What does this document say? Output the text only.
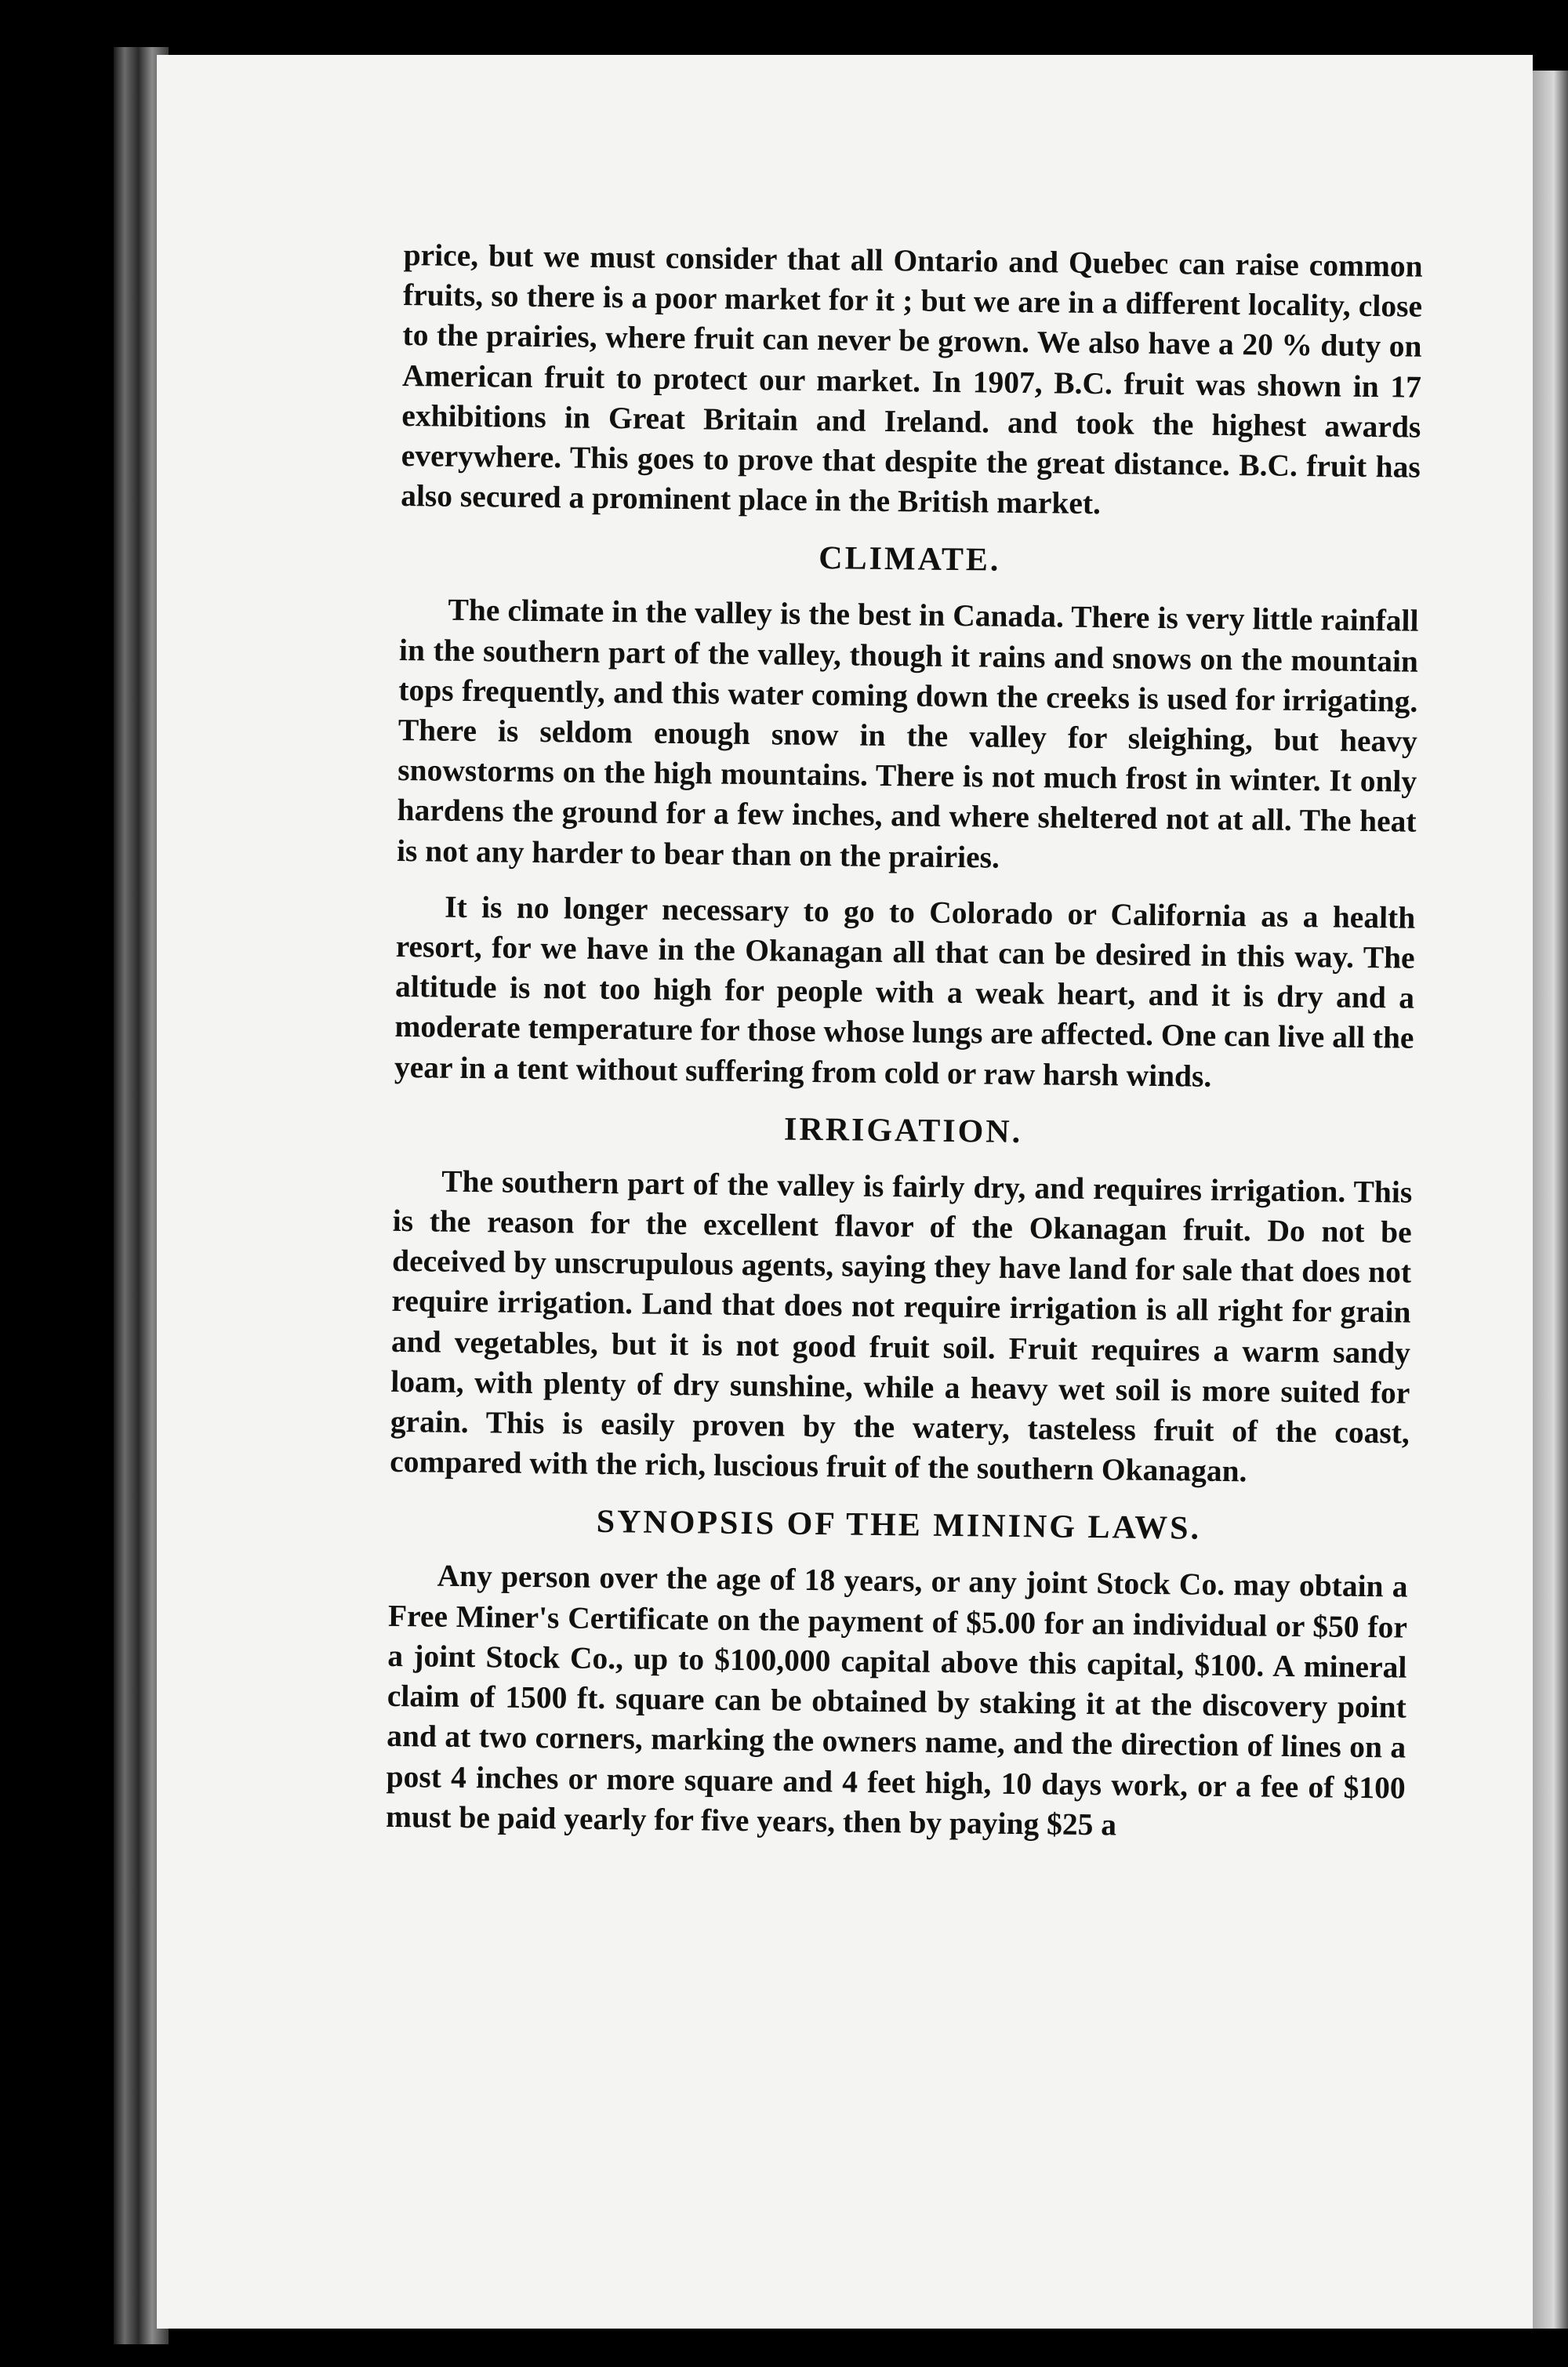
price, but we must consider that all Ontario and Quebec can raise common fruits, so there is a poor market for it ; but we are in a different locality, close to the prairies, where fruit can never be grown. We also have a 20 % duty on American fruit to protect our market. In 1907, B.C. fruit was shown in 17 exhibitions in Great Britain and Ireland. and took the highest awards everywhere. This goes to prove that despite the great distance. B.C. fruit has also secured a prominent place in the British market.

CLIMATE.

The climate in the valley is the best in Canada. There is very little rainfall in the southern part of the valley, though it rains and snows on the mountain tops frequently, and this water coming down the creeks is used for irrigating. There is seldom enough snow in the valley for sleighing, but heavy snowstorms on the high mountains. There is not much frost in winter. It only hardens the ground for a few inches, and where sheltered not at all. The heat is not any harder to bear than on the prairies.

It is no longer necessary to go to Colorado or California as a health resort, for we have in the Okanagan all that can be desired in this way. The altitude is not too high for people with a weak heart, and it is dry and a moderate temperature for those whose lungs are affected. One can live all the year in a tent without suffering from cold or raw harsh winds.

IRRIGATION.

The southern part of the valley is fairly dry, and requires irrigation. This is the reason for the excellent flavor of the Okanagan fruit. Do not be deceived by unscrupulous agents, saying they have land for sale that does not require irrigation. Land that does not require irrigation is all right for grain and vegetables, but it is not good fruit soil. Fruit requires a warm sandy loam, with plenty of dry sunshine, while a heavy wet soil is more suited for grain. This is easily proven by the watery, tasteless fruit of the coast, compared with the rich, luscious fruit of the southern Okanagan.

SYNOPSIS OF THE MINING LAWS.

Any person over the age of 18 years, or any joint Stock Co. may obtain a Free Miner's Certificate on the payment of $5.00 for an individual or $50 for a joint Stock Co., up to $100,000 capital above this capital, $100. A mineral claim of 1500 ft. square can be obtained by staking it at the discovery point and at two corners, marking the owners name, and the direction of lines on a post 4 inches or more square and 4 feet high, 10 days work, or a fee of $100 must be paid yearly for five years, then by paying $25 a
